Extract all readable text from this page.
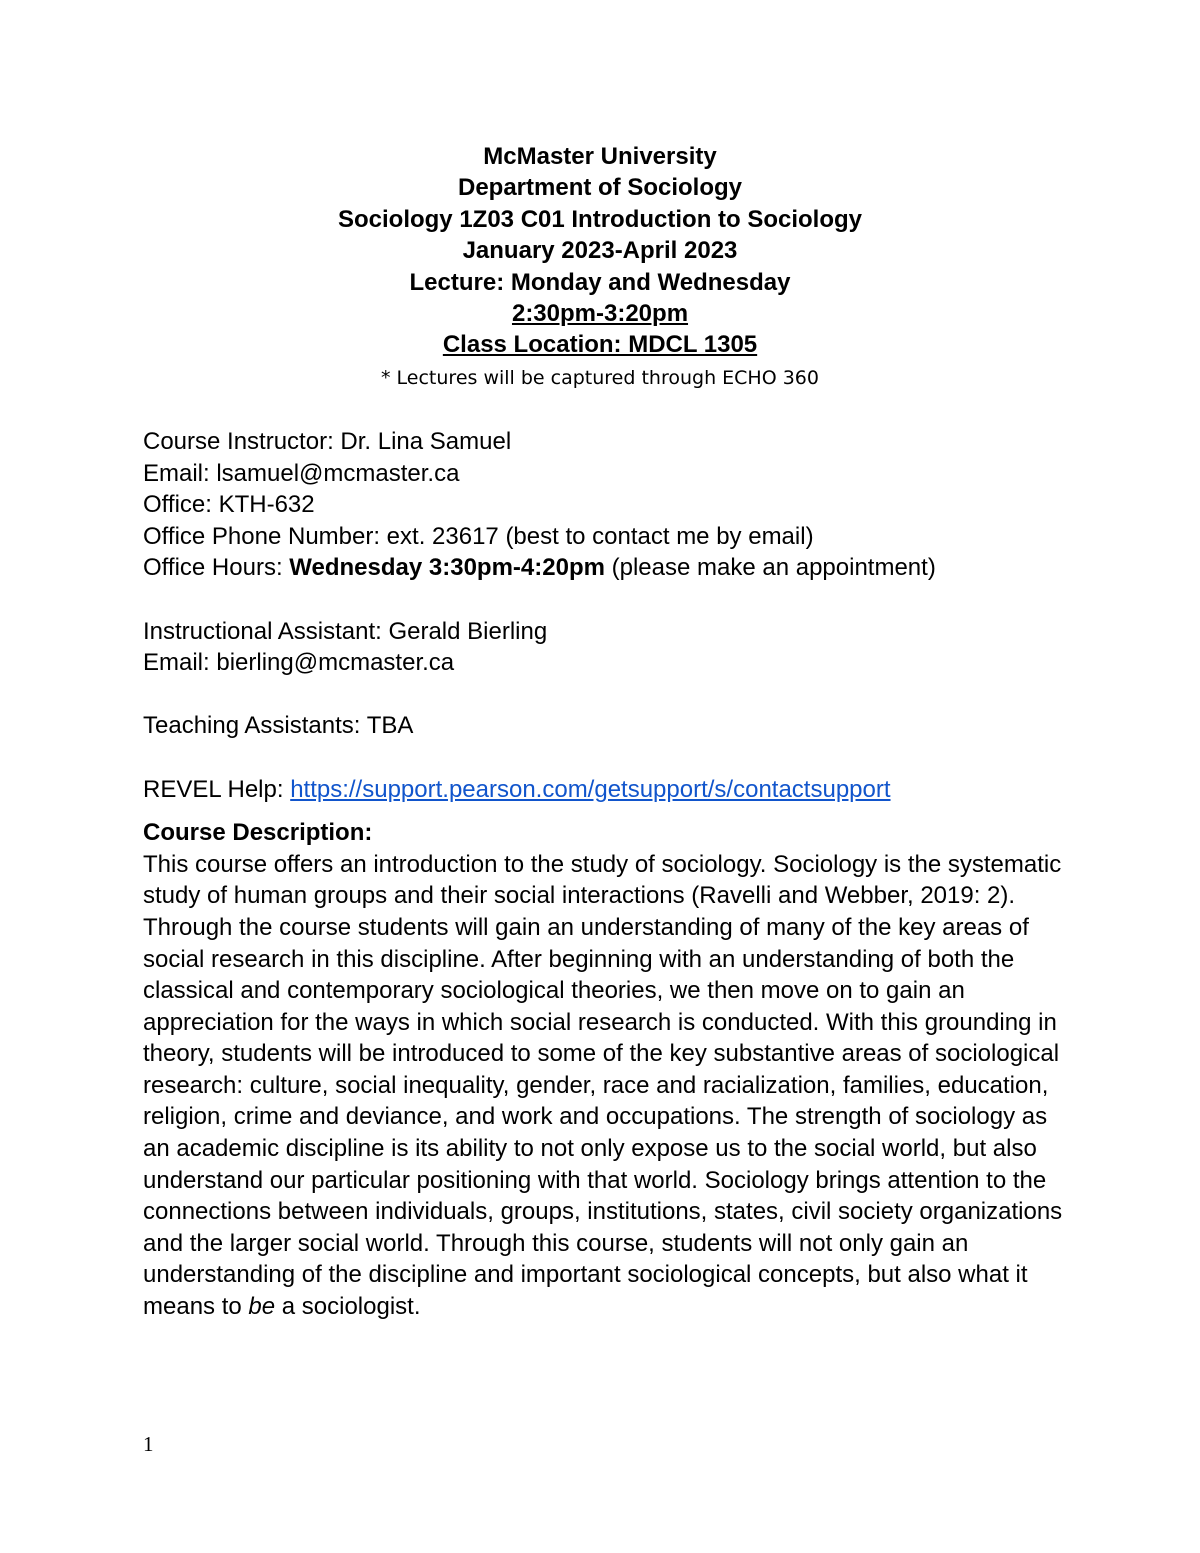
McMaster University
Department of Sociology
Sociology 1Z03 C01 Introduction to Sociology
January 2023-April 2023
Lecture: Monday and Wednesday
2:30pm-3:20pm
Class Location: MDCL 1305
* Lectures will be captured through ECHO 360
Course Instructor: Dr. Lina Samuel
Email: lsamuel@mcmaster.ca
Office: KTH-632
Office Phone Number: ext. 23617 (best to contact me by email)
Office Hours: Wednesday 3:30pm-4:20pm (please make an appointment)
Instructional Assistant: Gerald Bierling
Email: bierling@mcmaster.ca
Teaching Assistants: TBA
REVEL Help: https://support.pearson.com/getsupport/s/contactsupport
Course Description:

This course offers an introduction to the study of sociology. Sociology is the systematic study of human groups and their social interactions (Ravelli and Webber, 2019: 2). Through the course students will gain an understanding of many of the key areas of social research in this discipline. After beginning with an understanding of both the classical and contemporary sociological theories, we then move on to gain an appreciation for the ways in which social research is conducted. With this grounding in theory, students will be introduced to some of the key substantive areas of sociological research: culture, social inequality, gender, race and racialization, families, education, religion, crime and deviance, and work and occupations. The strength of sociology as an academic discipline is its ability to not only expose us to the social world, but also understand our particular positioning with that world. Sociology brings attention to the connections between individuals, groups, institutions, states, civil society organizations and the larger social world. Through this course, students will not only gain an understanding of the discipline and important sociological concepts, but also what it means to be a sociologist.

1
